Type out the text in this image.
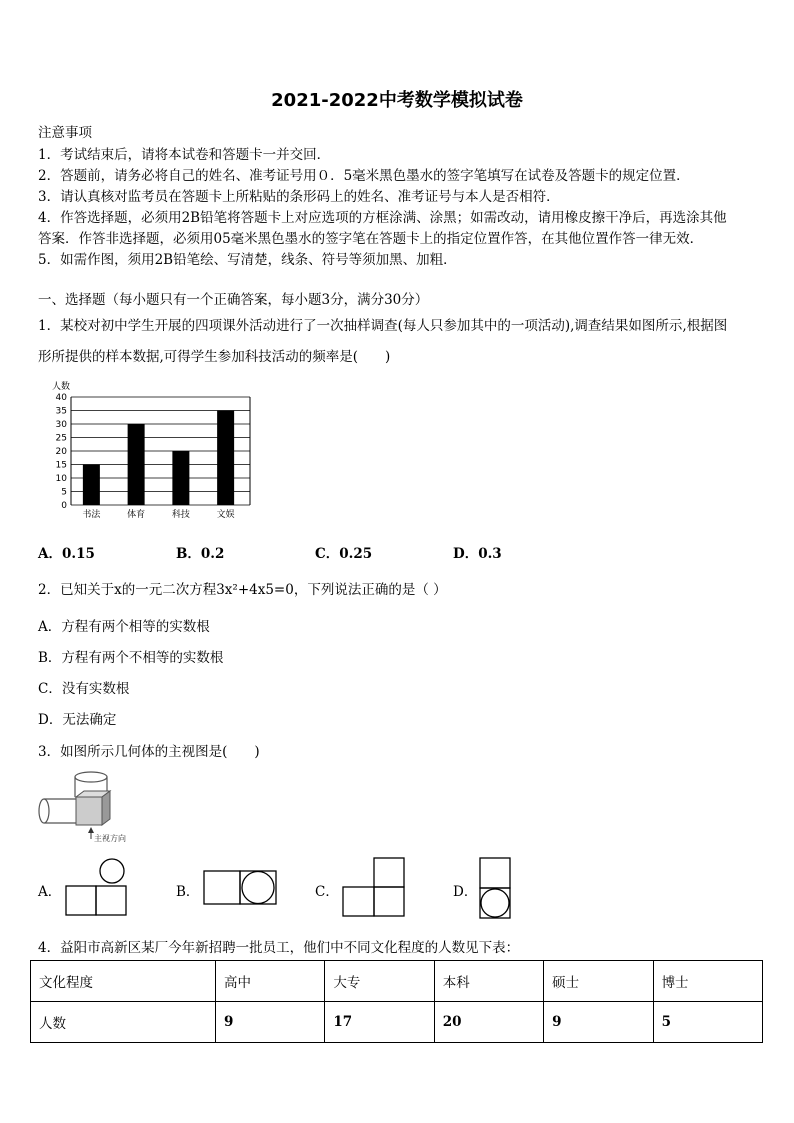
2021-2022中考数学模拟试卷
注意事项
1．考试结束后，请将本试卷和答题卡一并交回．
2．答题前，请务必将自己的姓名、准考证号用０．5毫米黑色墨水的签字笔填写在试卷及答题卡的规定位置．
3．请认真核对监考员在答题卡上所粘贴的条形码上的姓名、准考证号与本人是否相符．
4．作答选择题，必须用2B铅笔将答题卡上对应选项的方框涂满、涂黑；如需改动，请用橡皮擦干净后，再选涂其他
答案．作答非选择题，必须用05毫米黑色墨水的签字笔在答题卡上的指定位置作答，在其他位置作答一律无效．
5．如需作图，须用2B铅笔绘、写清楚，线条、符号等须加黑、加粗．
一、选择题（每小题只有一个正确答案，每小题3分，满分30分）
1．某校对初中学生开展的四项课外活动进行了一次抽样调查(每人只参加其中的一项活动),调查结果如图所示,根据图
形所提供的样本数据,可得学生参加科技活动的频率是(　　)
人数
0
5
10
15
20
25
30
35
40
书法	体育	科技	文娱
A．0.15	B．0.2	C．0.25	D．0.3
2．已知关于x的一元二次方程3x²+4x5=0，下列说法正确的是（ ）
A．方程有两个相等的实数根
B．方程有两个不相等的实数根
C．没有实数根
D．无法确定
3．如图所示几何体的主视图是(　　)
主视方向
A．	B．	C．	D．
4．益阳市高新区某厂今年新招聘一批员工，他们中不同文化程度的人数见下表：
文化程度	高中	大专	本科	硕士	博士
人数	9	17	20	9	5
